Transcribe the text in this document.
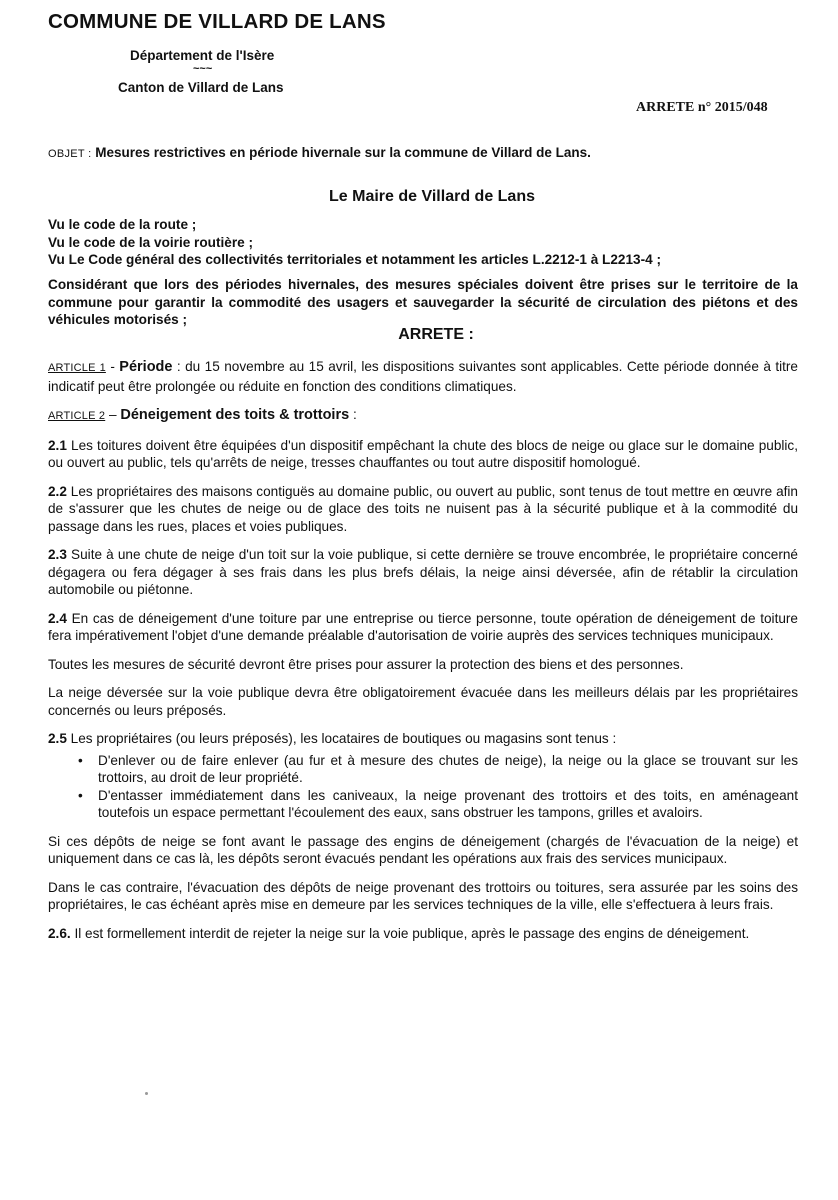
COMMUNE DE VILLARD DE LANS
Département de l'Isère
~~~
Canton de Villard de Lans
ARRETE n° 2015/048
OBJET : Mesures restrictives en période hivernale sur la commune de Villard de Lans.
Le Maire de Villard de Lans

Vu le code de la route ;

Vu le code de la voirie routière ;

Vu Le Code général des collectivités territoriales et notamment les articles L.2212-1 à L2213-4 ;

Considérant que lors des périodes hivernales, des mesures spéciales doivent être prises sur le territoire de la commune pour garantir la commodité des usagers et sauvegarder la sécurité de circulation des piétons et des véhicules motorisés ;
ARRETE :

ARTICLE 1 - Période : du 15 novembre au 15 avril, les dispositions suivantes sont applicables. Cette période donnée à titre indicatif peut être prolongée ou réduite en fonction des conditions climatiques.

ARTICLE 2 – Déneigement des toits & trottoirs :

2.1 Les toitures doivent être équipées d'un dispositif empêchant la chute des blocs de neige ou glace sur le domaine public, ou ouvert au public, tels qu'arrêts de neige, tresses chauffantes ou tout autre dispositif homologué.

2.2 Les propriétaires des maisons contiguës au domaine public, ou ouvert au public, sont tenus de tout mettre en œuvre afin de s'assurer que les chutes de neige ou de glace des toits ne nuisent pas à la sécurité publique et à la commodité du passage dans les rues, places et voies publiques.

2.3 Suite à une chute de neige d'un toit sur la voie publique, si cette dernière se trouve encombrée, le propriétaire concerné dégagera ou fera dégager à ses frais dans les plus brefs délais, la neige ainsi déversée, afin de rétablir la circulation automobile ou piétonne.

2.4 En cas de déneigement d'une toiture par une entreprise ou tierce personne, toute opération de déneigement de toiture fera impérativement l'objet d'une demande préalable d'autorisation de voirie auprès des services techniques municipaux.

Toutes les mesures de sécurité devront être prises pour assurer la protection des biens et des personnes.

La neige déversée sur la voie publique devra être obligatoirement évacuée dans les meilleurs délais par les propriétaires concernés ou leurs préposés.

2.5 Les propriétaires (ou leurs préposés), les locataires de boutiques ou magasins sont tenus :

• D'enlever ou de faire enlever (au fur et à mesure des chutes de neige), la neige ou la glace se trouvant sur les trottoirs, au droit de leur propriété.
• D'entasser immédiatement dans les caniveaux, la neige provenant des trottoirs et des toits, en aménageant toutefois un espace permettant l'écoulement des eaux, sans obstruer les tampons, grilles et avaloirs.

Si ces dépôts de neige se font avant le passage des engins de déneigement (chargés de l'évacuation de la neige) et uniquement dans ce cas là, les dépôts seront évacués pendant les opérations aux frais des services municipaux.

Dans le cas contraire, l'évacuation des dépôts de neige provenant des trottoirs ou toitures, sera assurée par les soins des propriétaires, le cas échéant après mise en demeure par les services techniques de la ville, elle s'effectuera à leurs frais.

2.6. Il est formellement interdit de rejeter la neige sur la voie publique, après le passage des engins de déneigement.
